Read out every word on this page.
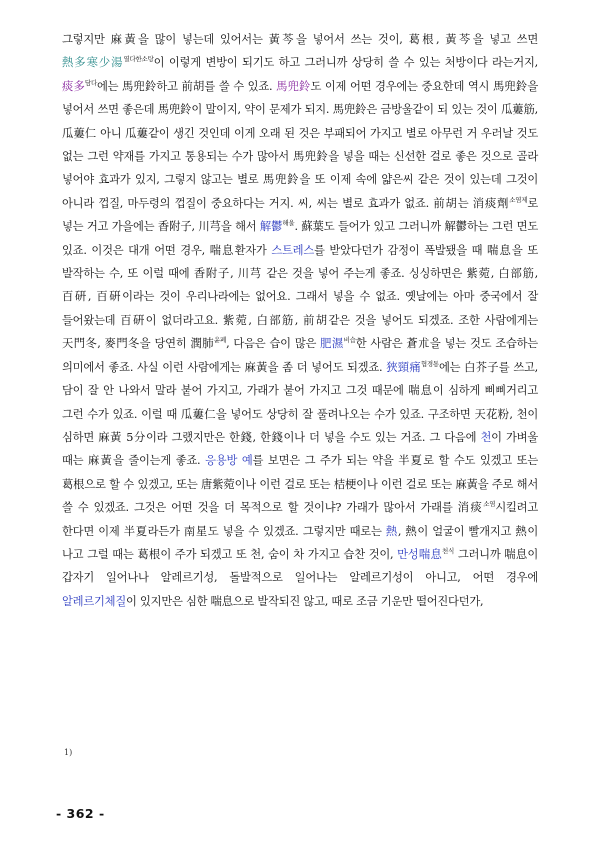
그렇지만 麻黃을 많이 넣는데 있어서는 黃芩을 넣어서 쓰는 것이, 葛根, 黃芩을 넣고 쓰면 熱多寒少湯$^{열다한소탕}$이 이렇게 변방이 되기도 하고 그러니까 상당히 쓸 수 있는 처방이다 라는거지, 痰多$^{담다}$에는 馬兜鈴하고 前胡를 쓸 수 있죠. 馬兜鈴도 이제 어떤 경우에는 중요한데 역시 馬兜鈴을 넣어서 쓰면 좋은데 馬兜鈴이 말이지, 약이 문제가 되지. 馬兜鈴은 금방울같이 되 있는 것이 瓜蔞筋, 瓜蔞仁 아니 瓜蔞같이 생긴 것인데 이게 오래 된 것은 부패되어 가지고 별로 아무런 거 우러날 것도 없는 그런 약재를 가지고 통용되는 수가 많아서 馬兜鈴을 넣을 때는 신선한 걸로 좋은 것으로 골라 넣어야 효과가 있지, 그렇지 않고는 별로 馬兜鈴을 또 이제 속에 얇은씨 같은 것이 있는데 그것이 아니라 껍질, 마두령의 껍질이 중요하다는 거지. 씨, 씨는 별로 효과가 없죠. 前胡는 消痰劑$^{소염제}$로 넣는 거고 가을에는 香附子, 川芎을 해서 解鬱$^{해울}$. 蘇葉도 들어가 있고 그러니까 解鬱하는 그런 면도 있죠. 이것은 대개 어떤 경우, 喘息환자가 스트레스를 받았다던가 감정이 폭발됐을 때 喘息을 또 발작하는 수, 또 이럴 때에 香附子, 川芎 같은 것을 넣어 주는게 좋죠. 싱싱하면은 紫菀, 白部筋, 百硏, 百硏이라는 것이 우리나라에는 없어요. 그래서 넣을 수 없죠. 옛날에는 아마 중국에서 잘 들어왔는데 百硏이 없더라고요. 紫菀, 白部筋, 前胡같은 것을 넣어도 되겠죠. 조한 사람에게는 天門冬, 麥門冬을 당연히 潤肺$^{윤폐}$, 다음은 습이 많은 肥濕$^{비습}$한 사람은 蒼朮을 넣는 것도 조습하는 의미에서 좋죠. 사실 이런 사람에게는 麻黃을 좀 더 넣어도 되겠죠. 狹頸痛$^{협경통}$에는 白芥子를 쓰고, 담이 잘 안 나와서 말라 붙어 가지고, 가래가 붙어 가지고 그것 때문에 喘息이 심하게 삐삐거리고 그런 수가 있죠. 이럴 때 瓜蔞仁을 넣어도 상당히 잘 풀려나오는 수가 있죠. 구조하면 天花粉, 천이 심하면 麻黃 5分이라 그랬지만은 한錢, 한錢이나 더 넣을 수도 있는 거죠. 그 다음에 천이 가벼울 때는 麻黃을 줄이는게 좋죠. 응용방 예를 보면은 그 주가 되는 약을 半夏로 할 수도 있겠고 또는 葛根으로 할 수 있겠고, 또는 唐紫菀이나 이런 걸로 또는 桔梗이나 이런 걸로 또는 麻黃을 주로 해서 쓸 수 있겠죠. 그것은 어떤 것을 더 목적으로 할 것이냐? 가래가 많아서 가래를 消痰$^{소염}$시킬려고 한다면 이제 半夏라든가 南星도 넣을 수 있겠죠. 그렇지만 때로는 熱, 熱이 얼굴이 빨개지고 熱이 나고 그럴 때는 葛根이 주가 되겠고 또 천, 숨이 차 가지고 습찬 것이, 만성喘息$^{천식}$ 그러니까 喘息이 갑자기 일어나나 알레르기성, 돌발적으로 일어나는 알레르기성이 아니고, 어떤 경우에 알레르기체질이 있지만은 심한 喘息으로 발작되진 않고, 때로 조금 기운만 떨어진다던가,
1)
- 362 -
